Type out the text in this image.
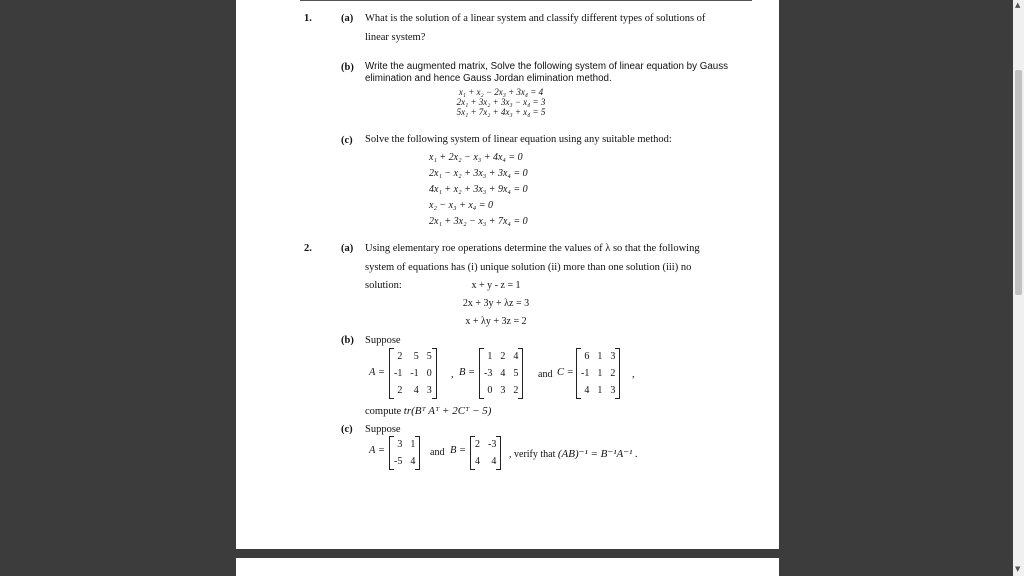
1.	(a) What is the solution of a linear system and classify different types of solutions of
linear system?
(b) Write the augmented matrix, Solve the following system of linear equation by Gauss
elimination and hence Gauss Jordan elimination method.
x₁ + x₂ − 2x₃ + 3x₄ = 4
2x₁ + 3x₂ + 3x₃ − x₄ = 3
5x₁ + 7x₂ + 4x₃ + x₄ = 5
(c) Solve the following system of linear equation using any suitable method:
x₁ + 2x₂ − x₃ + 4x₄ = 0
2x₁ − x₂ + 3x₃ + 3x₄ = 0
4x₁ + x₂ + 3x₃ + 9x₄ = 0
x₂ − x₃ + x₄ = 0
2x₁ + 3x₂ − x₃ + 7x₄ = 0
2.	(a) Using elementary roe operations determine the values of λ so that the following
system of equations has (i) unique solution (ii) more than one solution (iii) no
solution:	x + y - z = 1
2x + 3y + λz = 3
x + λy + 3z = 2
(b) Suppose
A =
2	5	5
-1	-1	0
2	4	3
, B =
1	2	4
-3	4	5
0	3	2
and C =
6	1	3
-1	1	2
4	1	3
,
compute tr(Bᵀ Aᵀ + 2Cᵀ − 5)
(c) Suppose
A =
3	1
-5	4
and B =
2	-3
4	4
, verify that (AB)⁻¹ = B⁻¹A⁻¹ .
▲
▼
